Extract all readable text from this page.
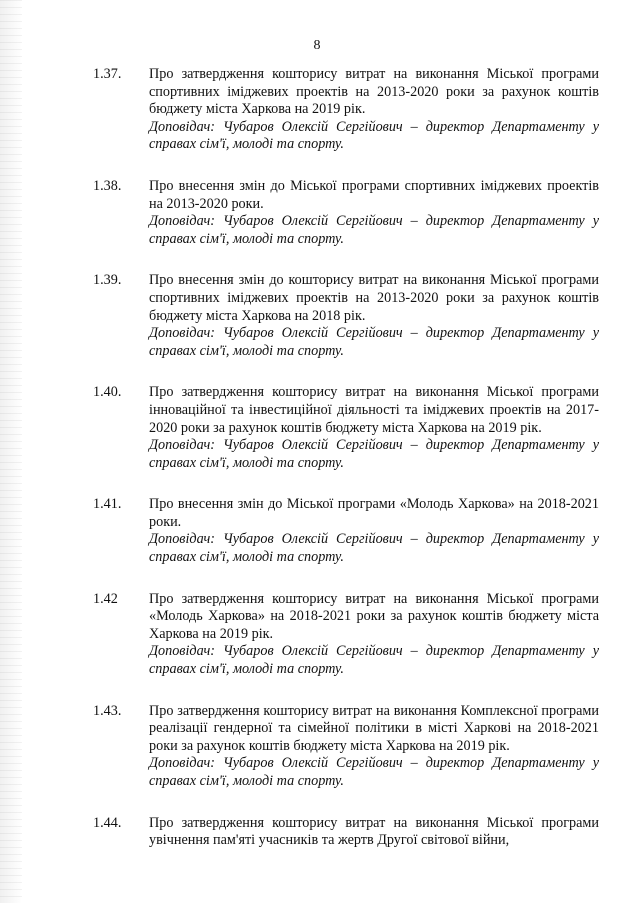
8
1.37. Про затвердження кошторису витрат на виконання Міської програми спортивних іміджевих проектів на 2013-2020 роки за рахунок коштів бюджету міста Харкова на 2019 рік.
Доповідач: Чубаров Олексій Сергійович – директор Департаменту у справах сім'ї, молоді та спорту.
1.38. Про внесення змін до Міської програми спортивних іміджевих проектів на 2013-2020 роки.
Доповідач: Чубаров Олексій Сергійович – директор Департаменту у справах сім'ї, молоді та спорту.
1.39. Про внесення змін до кошторису витрат на виконання Міської програми спортивних іміджевих проектів на 2013-2020 роки за рахунок коштів бюджету міста Харкова на 2018 рік.
Доповідач: Чубаров Олексій Сергійович – директор Департаменту у справах сім'ї, молоді та спорту.
1.40. Про затвердження кошторису витрат на виконання Міської програми інноваційної та інвестиційної діяльності та іміджевих проектів на 2017-2020 роки за рахунок коштів бюджету міста Харкова на 2019 рік.
Доповідач: Чубаров Олексій Сергійович – директор Департаменту у справах сім'ї, молоді та спорту.
1.41. Про внесення змін до Міської програми «Молодь Харкова» на 2018-2021 роки.
Доповідач: Чубаров Олексій Сергійович – директор Департаменту у справах сім'ї, молоді та спорту.
1.42 Про затвердження кошторису витрат на виконання Міської програми «Молодь Харкова» на 2018-2021 роки за рахунок коштів бюджету міста Харкова на 2019 рік.
Доповідач: Чубаров Олексій Сергійович – директор Департаменту у справах сім'ї, молоді та спорту.
1.43. Про затвердження кошторису витрат на виконання Комплексної програми реалізації гендерної та сімейної політики в місті Харкові на 2018-2021 роки за рахунок коштів бюджету міста Харкова на 2019 рік.
Доповідач: Чубаров Олексій Сергійович – директор Департаменту у справах сім'ї, молоді та спорту.
1.44. Про затвердження кошторису витрат на виконання Міської програми увічнення пам'яті учасників та жертв Другої світової війни,
